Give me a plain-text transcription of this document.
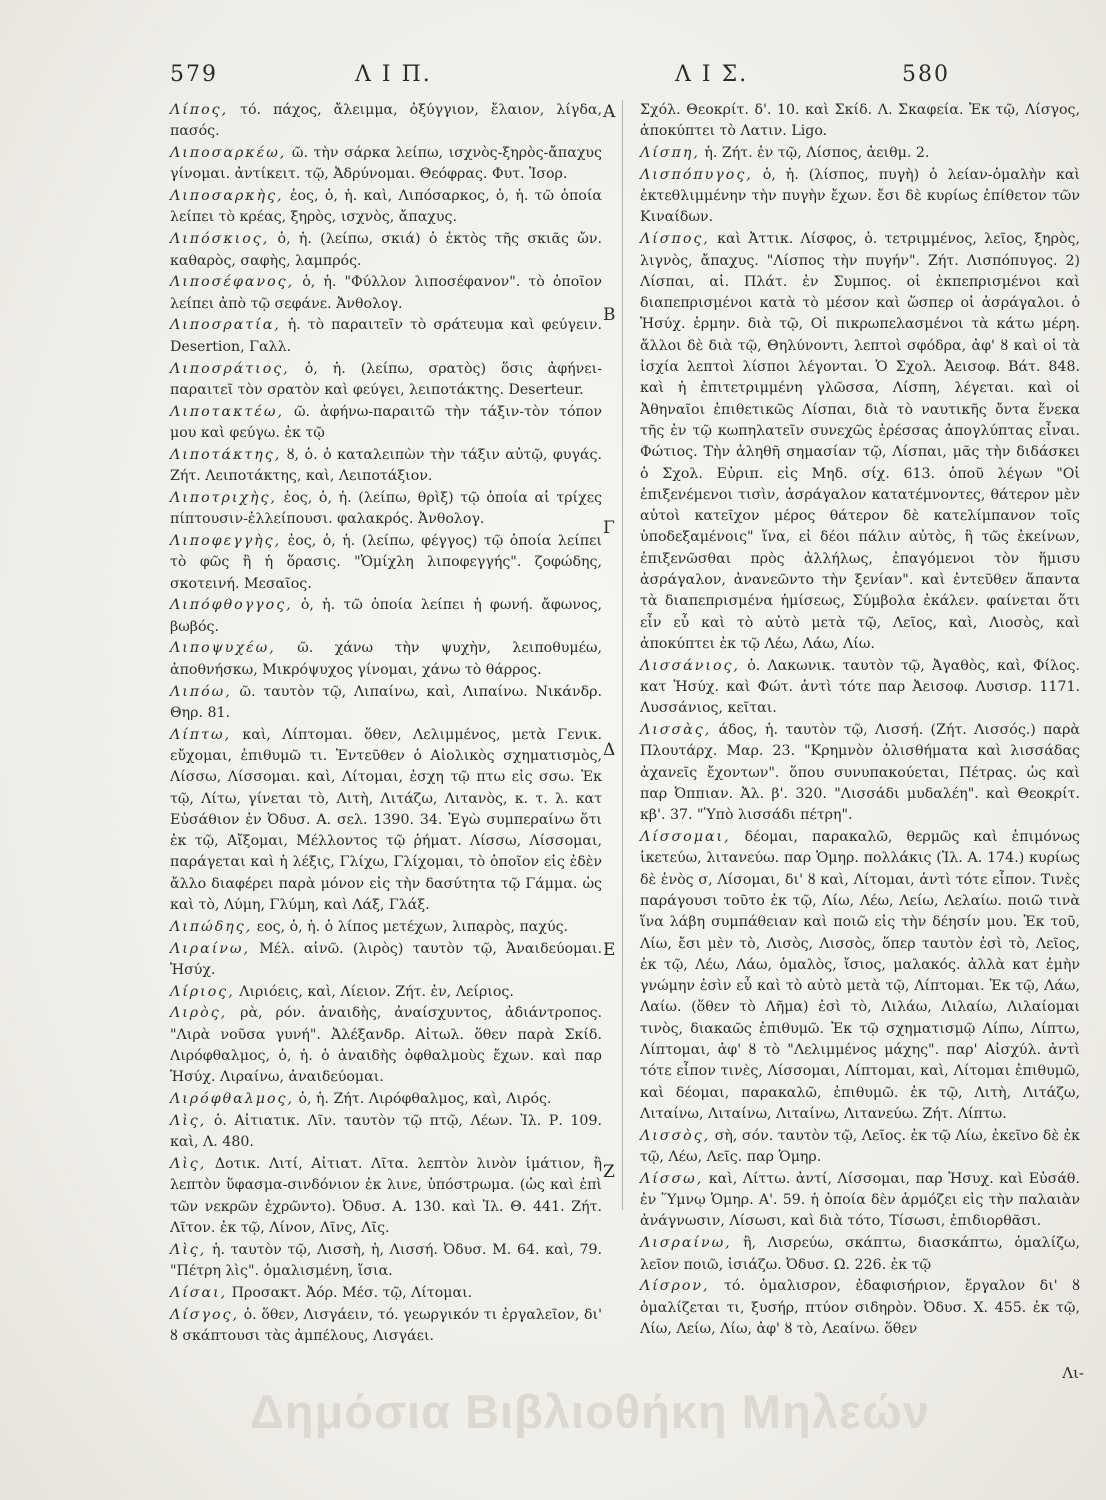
579	Λ Ι Π.	Λ Ι Σ.	580

Λίπος, τό. πάχος, ἄλειμμα, ὀξύγγιον, ἔλαιον, λίγδα, πασός.

Λιποσαρκέω, ῶ. τὴν σάρκα λείπω, ισχνὸς-ξηρὸς-ἄπαχυς γίνομαι. ἀντίκειτ. τῷ, Ἀδρύνομαι. Θεόφρας. Φυτ. Ἱσορ.

Λιποσαρκὴς, ἐος, ὁ, ἡ. καὶ, Λιπόσαρκος, ὁ, ἡ. τῶ ὁποία λείπει τὸ κρέας, ξηρὸς, ισχνὸς, ἄπαχυς.

Λιπόσκιος, ὁ, ἡ. (λείπω, σκιά) ὁ ἐκτὸς τῆς σκιᾶς ὤν. καθαρὸς, σαφὴς, λαμπρός.

Λιποσέφανος, ὁ, ἡ. "Φύλλον λιποσέφανον". τὸ ὁποῖον λείπει ἀπὸ τῷ σεφάνε. Ἀνθολογ.

Λιποσρατία, ἡ. τὸ παραιτεῖν τὸ σράτευμα καὶ φεύγειν. Desertion, Γαλλ.

Λιποσράτιος, ὁ, ἡ. (λείπω, σρατὸς) ὅσις ἀφήνει-παραιτεῖ τὸν σρατὸν καὶ φεύγει, λειποτάκτης. Deserteur.

Λιποτακτέω, ῶ. ἀφήνω-παραιτῶ τὴν τάξιν-τὸν τόπον μου καὶ φεύγω. ἐκ τῷ

Λιποτάκτης, ȣ, ὁ. ὁ καταλειπὼν τὴν τάξιν αὐτῷ, φυγάς. Ζήτ. Λειποτάκτης, καὶ, Λειποτάξιον.

Λιποτριχὴς, ἐος, ὁ, ἡ. (λείπω, θρὶξ) τῷ ὁποία αἱ τρίχες πίπτουσιν-ἐλλείπουσι. φαλακρός. Ἀνθολογ.

Λιποφεγγὴς, ἐος, ὁ, ἡ. (λείπω, φέγγος) τῷ ὁποία λείπει τὸ φῶς ἢ ἡ ὅρασις. "Ὁμίχλη λιποφεγγής". ζοφώδης, σκοτεινή. Μεσαῖος.

Λιπόφθογγος, ὁ, ἡ. τῶ ὁποία λείπει ἡ φωνή. ἄφωνος, βωβός.

Λιποψυχέω, ῶ. χάνω τὴν ψυχὴν, λειποθυμέω, ἀποθνήσκω, Μικρόψυχος γίνομαι, χάνω τὸ θάρρος.

Λιπόω, ῶ. ταυτὸν τῷ, Λιπαίνω, καὶ, Λιπαίνω. Νικάνδρ. Θηρ. 81.

Λίπτω, καὶ, Λίπτομαι. ὅθεν, Λελιμμένος, μετὰ Γενικ. εὔχομαι, ἐπιθυμῶ τι. Ἐντεῦθεν ὁ Αἰολικὸς σχηματισμὸς, Λίσσω, Λίσσομαι. καὶ, Λίτομαι, ἐσχη τῷ πτω εἰς σσω. Ἐκ τῷ, Λίτω, γίνεται τὸ, Λιτὴ, Λιτάζω, Λιτανὸς, κ. τ. λ. κατ Εὐσάθιον ἐν Ὀδυσ. Α. σελ. 1390. 34. Ἐγὼ συμπεραίνω ὅτι ἐκ τῷ, Αἴξομαι, Μέλλοντος τῷ ῥήματ. Λίσσω, Λίσσομαι, παράγεται καὶ ἡ λέξις, Γλίχω, Γλίχομαι, τὸ ὁποῖον εἰς ἐδὲν ἄλλο διαφέρει παρὰ μόνον εἰς τὴν δασύτητα τῷ Γάμμα. ὡς καὶ τὸ, Λύμη, Γλύμη, καὶ Λάξ, Γλάξ.

Λιπώδης, εος, ὁ, ἡ. ὁ λίπος μετέχων, λιπαρὸς, παχύς.

Λιραίνω, Μέλ. αἰνῶ. (λιρὸς) ταυτὸν τῷ, Ἀναιδεύομαι. Ἡσύχ.

Λίριος, Λιριόεις, καὶ, Λίειον. Ζήτ. ἐν, Λείριος.

Λιρὸς, ρὰ, ρόν. ἀναιδὴς, ἀναίσχυντος, ἀδιάντροπος. "Λιρὰ νοῦσα γυνή". Ἀλέξανδρ. Αἰτωλ. ὅθεν παρὰ Σκίδ. Λιρόφθαλμος, ὁ, ἡ. ὁ ἀναιδὴς ὀφθαλμοὺς ἔχων. καὶ παρ Ἡσύχ. Λιραίνω, ἀναιδεύομαι.

Λιρόφθαλμος, ὁ, ἡ. Ζήτ. Λιρόφθαλμος, καὶ, Λιρός.

Λὶς, ὁ. Αἰτιατικ. Λῖν. ταυτὸν τῷ πτῷ, Λέων. Ἰλ. Ρ. 109. καὶ, Λ. 480.

Λὶς, Δοτικ. Λιτί, Αἰτιατ. Λῖτα. λεπτὸν λινὸν ἱμάτιον, ἢ λεπτὸν ὕφασμα-σινδόνιον ἐκ λινε, ὑπόστρωμα. (ὡς καὶ ἐπὶ τῶν νεκρῶν ἐχρῶντο). Ὀδυσ. Α. 130. καὶ Ἰλ. Θ. 441. Ζήτ. Λῖτον. ἐκ τῷ, Λίνον, Λῖνς, Λῖς.

Λὶς, ἡ. ταυτὸν τῷ, Λισσὴ, ἡ, Λισσή. Ὀδυσ. Μ. 64. καὶ, 79. "Πέτρη λὶς". ὁμαλισμένη, ἴσια.

Λίσαι, Προσακτ. Ἀόρ. Μέσ. τῷ, Λίτομαι.

Λίσγος, ὁ. ὅθεν, Λισγάειν, τό. γεωργικόν τι ἐργαλεῖον, δι' ȣ σκάπτουσι τὰς ἀμπέλους, Λισγάει.

A
B
Γ
Δ
E
Z

Σχόλ. Θεοκρίτ. δ'. 10. καὶ Σκίδ. Λ. Σκαφεία. Ἐκ τῷ, Λίσγος, ἀποκύπτει τὸ Λατιν. Ligo.

Λίσπη, ἡ. Ζήτ. ἐν τῷ, Λίσπος, ἀειθμ. 2.

Λισπόπυγος, ὁ, ἡ. (λίσπος, πυγὴ) ὁ λείαν-ὁμαλὴν καὶ ἐκτεθλιμμένην τὴν πυγὴν ἔχων. ἔσι δὲ κυρίως ἐπίθετον τῶν Κιναίδων.

Λίσπος, καὶ Ἀττικ. Λίσφος, ὁ. τετριμμένος, λεῖος, ξηρὸς, λιγνὸς, ἄπαχυς. "Λίσπος τὴν πυγήν". Ζήτ. Λισπόπυγος. 2) Λίσπαι, αἱ. Πλάτ. ἐν Συμπος. οἱ ἐκπεπρισμένοι καὶ διαπεπρισμένοι κατὰ τὸ μέσον καὶ ὥσπερ οἱ ἀσράγαλοι. ὁ Ἡσύχ. ἑρμην. διὰ τῷ, Οἱ πικρωπελασμένοι τὰ κάτω μέρη. ἄλλοι δὲ διὰ τῷ, Θηλύνοντι, λεπτοὶ σφόδρα, ἀφ' ȣ καὶ οἱ τὰ ἰσχία λεπτοὶ λίσποι λέγονται. Ὁ Σχολ. Ἀεισοφ. Βάτ. 848. καὶ ἡ ἐπιτετριμμένη γλῶσσα, Λίσπη, λέγεται. καὶ οἱ Ἀθηναῖοι ἐπιθετικῶς Λίσπαι, διὰ τὸ ναυτικῆς ὄντα ἕνεκα τῆς ἐν τῷ κωπηλατεῖν συνεχῶς ἐρέσσας ἀπογλύπτας εἶναι. Φώτιος. Τὴν ἀληθῆ σημασίαν τῷ, Λίσπαι, μᾶς τὴν διδάσκει ὁ Σχολ. Εὐριπ. εἰς Μηδ. σίχ. 613. ὁποῦ λέγων "Οἱ ἐπιξενέμενοι τισὶν, ἀσράγαλον κατατέμνοντες, θάτερον μὲν αὐτοὶ κατεῖχον μέρος θάτερον δὲ κατελίμπανον τοῖς ὑποδεξαμένοις" ἵνα, εἰ δέοι πάλιν αὐτὸς, ἢ τῶς ἐκείνων, ἐπιξενῶσθαι πρὸς ἀλλήλως, ἐπαγόμενοι τὸν ἥμισυ ἀσράγαλον, ἀνανεῶντο τὴν ξενίαν". καὶ ἐντεῦθεν ἅπαντα τὰ διαπεπρισμένα ἡμίσεως, Σύμβολα ἐκάλεν. φαίνεται ὅτι εἶν εὖ καὶ τὸ αὐτὸ μετὰ τῷ, Λεῖος, καὶ, Λιοσὸς, καὶ ἀποκύπτει ἐκ τῷ Λέω, Λάω, Λίω.

Λισσάνιος, ὁ. Λακωνικ. ταυτὸν τῷ, Ἀγαθὸς, καὶ, Φίλος. κατ Ἡσύχ. καὶ Φώτ. ἀντὶ τότε παρ Ἀεισοφ. Λυσισρ. 1171. Λυσσάνιος, κεῖται.

Λισσὰς, άδος, ἡ. ταυτὸν τῷ, Λισσή. (Ζήτ. Λισσός.) παρὰ Πλουτάρχ. Μαρ. 23. "Κρημνὸν ὀλισθήματα καὶ λισσάδας ἀχανεῖς ἔχοντων". ὅπου συνυπακούεται, Πέτρας. ὡς καὶ παρ Ὀππιαν. Ἀλ. β'. 320. "Λισσάδι μυδαλέη". καὶ Θεοκρίτ. κβ'. 37. "Ὑπὸ λισσάδι πέτρη".

Λίσσομαι, δέομαι, παρακαλῶ, θερμῶς καὶ ἐπιμόνως ἱκετεύω, λιτανεύω. παρ Ὁμηρ. πολλάκις (Ἰλ. Α. 174.) κυρίως δὲ ἑνὸς σ, Λίσομαι, δι' ȣ καὶ, Λίτομαι, ἀντὶ τότε εἶπον. Τινὲς παράγουσι τοῦτο ἐκ τῷ, Λίω, Λέω, Λείω, Λελαίω. ποιῶ τινὰ ἵνα λάβη συμπάθειαν καὶ ποιῶ εἰς τὴν δέησίν μου. Ἐκ τοῦ, Λίω, ἔσι μὲν τὸ, Λισὸς, Λισσὸς, ὅπερ ταυτὸν ἐσὶ τὸ, Λεῖος, ἐκ τῷ, Λέω, Λάω, ὁμαλὸς, ἴσιος, μαλακός. ἀλλὰ κατ ἐμὴν γνώμην ἐσὶν εὖ καὶ τὸ αὐτὸ μετὰ τῷ, Λίπτομαι. Ἐκ τῷ, Λάω, Λαίω. (ὅθεν τὸ Λῆμα) ἐσὶ τὸ, Λιλάω, Λιλαίω, Λιλαίομαι τινὸς, διακαῶς ἐπιθυμῶ. Ἐκ τῷ σχηματισμῷ Λίπω, Λίπτω, Λίπτομαι, ἀφ' ȣ τὸ "Λελιμμένος μάχης". παρ' Αἰσχύλ. ἀντὶ τότε εἶπον τινὲς, Λίσσομαι, Λίπτομαι, καὶ, Λίτομαι ἐπιθυμῶ, καὶ δέομαι, παρακαλῶ, ἐπιθυμῶ. ἐκ τῷ, Λιτὴ, Λιτάζω, Λιταίνω, Λιταίνω, Λιταίνω, Λιτανεύω. Ζήτ. Λίπτω.

Λισσὸς, σὴ, σόν. ταυτὸν τῷ, Λεῖος. ἐκ τῷ Λίω, ἐκεῖνο δὲ ἐκ τῷ, Λέω, Λεῖς. παρ Ὁμηρ.

Λίσσω, καὶ, Λίττω. ἀντί, Λίσσομαι, παρ Ἡσυχ. καὶ Εὐσάθ. ἐν Ὕμνῳ Ὁμηρ. Α'. 59. ἡ ὁποία δὲν ἁρμόζει εἰς τὴν παλαιὰν ἀνάγνωσιν, Λίσωσι, καὶ διὰ τότο, Τίσωσι, ἐπιδιορθᾶσι.

Λισραίνω, ἢ, Λισρεύω, σκάπτω, διασκάπτω, ὁμαλίζω, λεῖον ποιῶ, ἰσιάζω. Ὀδυσ. Ω. 226. ἐκ τῷ

Λίσρον, τό. ὁμαλισρον, ἐδαφισήριον, ἔργαλον δι' ȣ ὁμαλίζεται τι, ξυσήρ, πτύον σιδηρὸν. Ὀδυσ. Χ. 455. ἐκ τῷ, Λίω, Λείω, Λίω, ἀφ' ȣ τὸ, Λεαίνω. ὅθεν

Λι-
Δημόσια Βιβλιοθήκη Μηλεών
